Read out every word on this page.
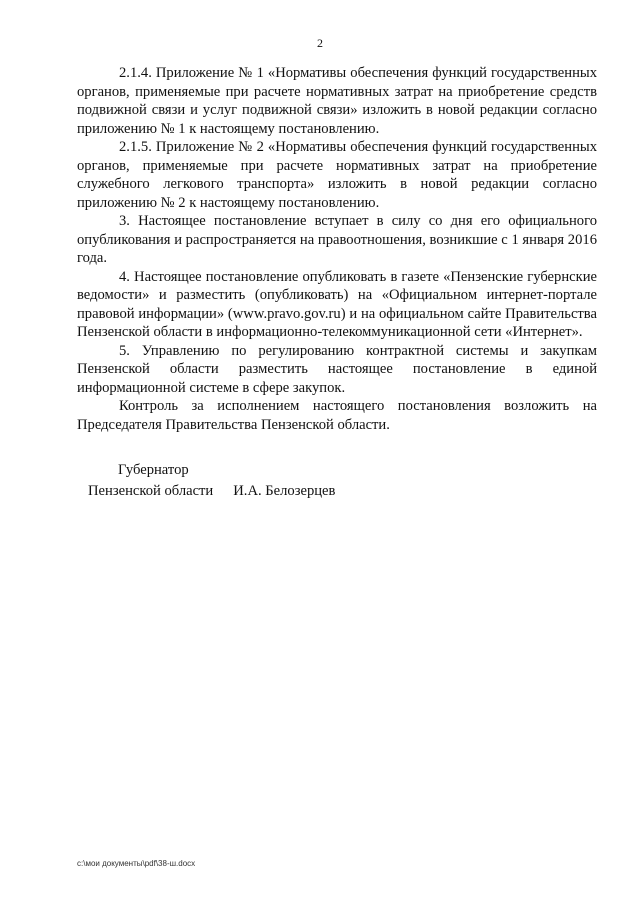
2

2.1.4. Приложение № 1 «Нормативы обеспечения функций государственных органов, применяемые при расчете нормативных затрат на приобретение средств подвижной связи и услуг подвижной связи» изложить в новой редакции согласно приложению № 1 к настоящему постановлению.

2.1.5. Приложение № 2 «Нормативы обеспечения функций государственных органов, применяемые при расчете нормативных затрат на приобретение служебного легкового транспорта» изложить в новой редакции согласно приложению № 2 к настоящему постановлению.

3. Настоящее постановление вступает в силу со дня его официального опубликования и распространяется на правоотношения, возникшие с 1 января 2016 года.

4. Настоящее постановление опубликовать в газете «Пензенские губернские ведомости» и разместить (опубликовать) на «Официальном интернет-портале правовой информации» (www.pravo.gov.ru) и на официальном сайте Правительства Пензенской области в информационно-телекоммуникационной сети «Интернет».

5. Управлению по регулированию контрактной системы и закупкам Пензенской области разместить настоящее постановление в единой информационной системе в сфере закупок.

Контроль за исполнением настоящего постановления возложить на Председателя Правительства Пензенской области.

Губернатор
Пензенской области И.А. Белозерцев
c:\мои документы\pdf\38-ш.docx
